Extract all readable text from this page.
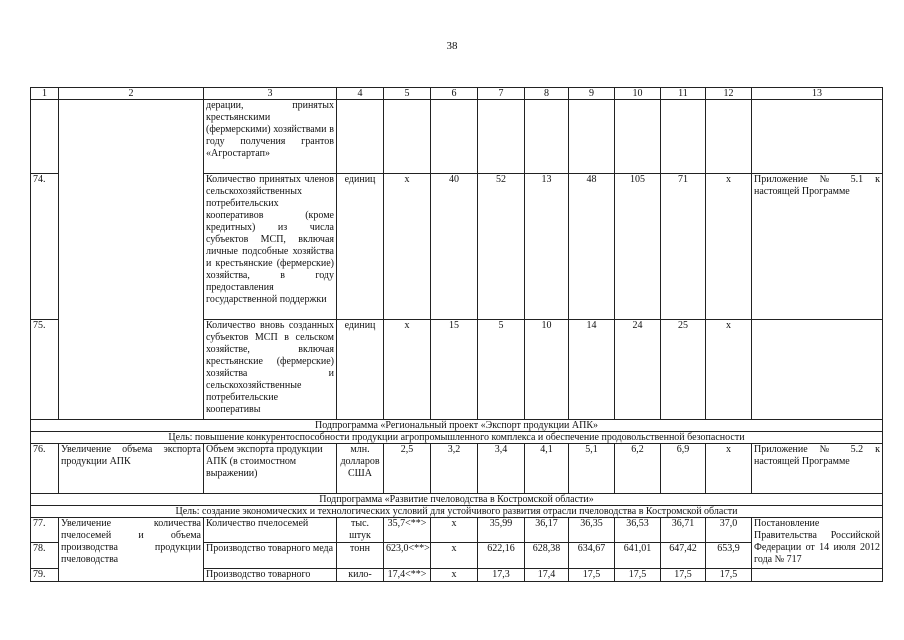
38
1	2	3	4	5	6	7	8	9	10	11	12	13
		дерации, принятых крестьянскими (фермерскими) хозяйствами в году получения грантов «Агростартап»										
74.		Количество принятых членов сельскохозяйственных потребительских кооперативов (кроме кредитных) из числа субъектов МСП, включая личные подсобные хозяйства и крестьянские (фермерские) хозяйства, в году предоставления государственной поддержки	единиц	x	40	52	13	48	105	71	x	Приложение № 5.1 к настоящей Программе
75.		Количество вновь созданных субъектов МСП в сельском хозяйстве, включая крестьянские (фермерские) хозяйства и сельскохозяйственные потребительские кооперативы	единиц	x	15	5	10	14	24	25	x	
Подпрограмма «Региональный проект «Экспорт продукции АПК»												
Цель: повышение конкурентоспособности продукции агропромышленного комплекса и обеспечение продовольственной безопасности												
76.	Увеличение объема экспорта продукции АПК	Объем экспорта продукции АПК (в стоимостном выражении)	млн. долларов США	2,5	3,2	3,4	4,1	5,1	6,2	6,9	x	Приложение № 5.2 к настоящей Программе
Подпрограмма «Развитие пчеловодства в Костромской области»												
Цель: создание экономических и технологических условий для устойчивого развития отрасли пчеловодства в Костромской области												
77.	Увеличение количества пчелосемей и объема производства продукции пчеловодства	Количество пчелосемей	тыс. штук	35,7<**>	x	35,99	36,17	36,35	36,53	36,71	37,0	Постановление Правительства Российской Федерации от 14 июля 2012 года № 717
78.		Производство товарного меда	тонн	623,0<**>	x	622,16	628,38	634,67	641,01	647,42	653,9	
79.		Производство товарного	кило-	17,4<**>	x	17,3	17,4	17,5	17,5	17,5	17,5	
